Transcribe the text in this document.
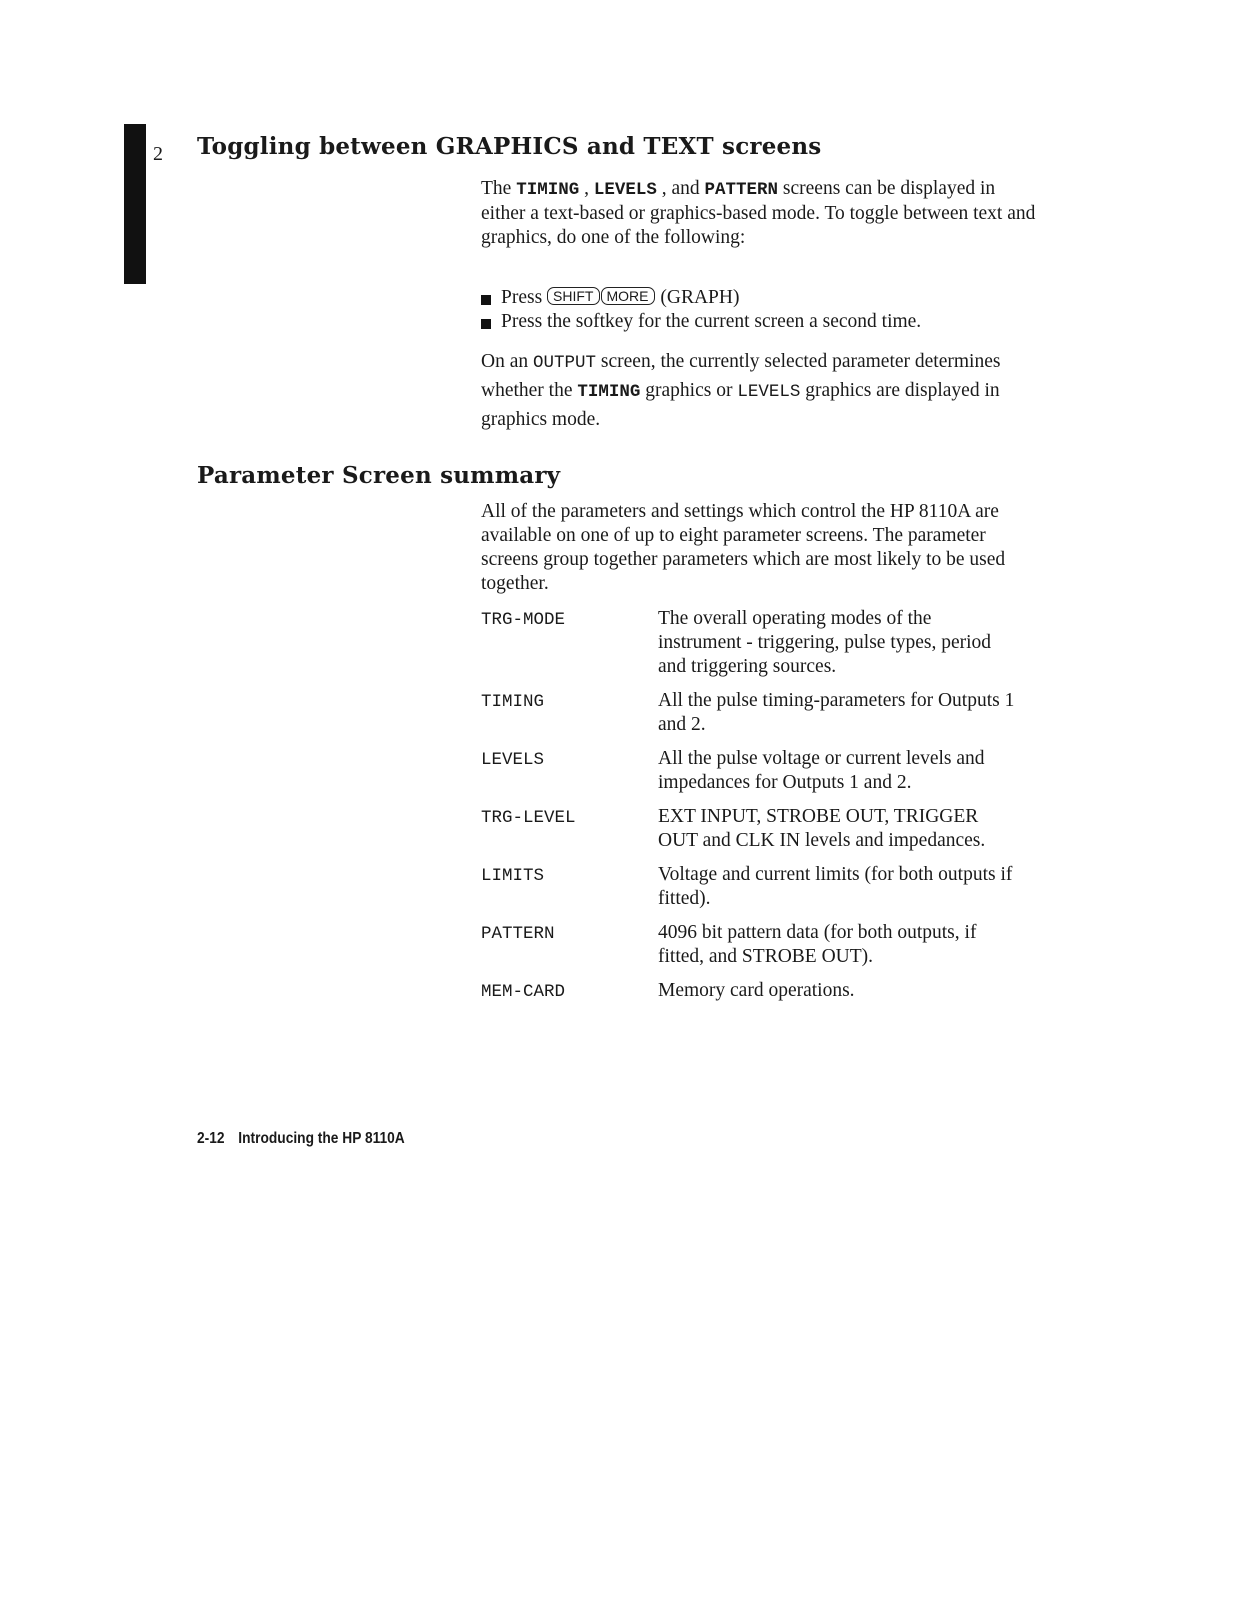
2 Toggling between GRAPHICS and TEXT screens

The TIMING , LEVELS , and PATTERN screens can be displayed in either a text-based or graphics-based mode. To toggle between text and graphics, do one of the following:

Press SHIFT MORE (GRAPH)
Press the softkey for the current screen a second time.

On an OUTPUT screen, the currently selected parameter determines whether the TIMING graphics or LEVELS graphics are displayed in graphics mode.

Parameter Screen summary

All of the parameters and settings which control the HP 8110A are available on one of up to eight parameter screens. The parameter screens group together parameters which are most likely to be used together.

TRG-MODE	The overall operating modes of the instrument - triggering, pulse types, period and triggering sources.
TIMING	All the pulse timing-parameters for Outputs 1 and 2.
LEVELS	All the pulse voltage or current levels and impedances for Outputs 1 and 2.
TRG-LEVEL	EXT INPUT, STROBE OUT, TRIGGER OUT and CLK IN levels and impedances.
LIMITS	Voltage and current limits (for both outputs if fitted).
PATTERN	4096 bit pattern data (for both outputs, if fitted, and STROBE OUT).
MEM-CARD	Memory card operations.
2-12 Introducing the HP 8110A
